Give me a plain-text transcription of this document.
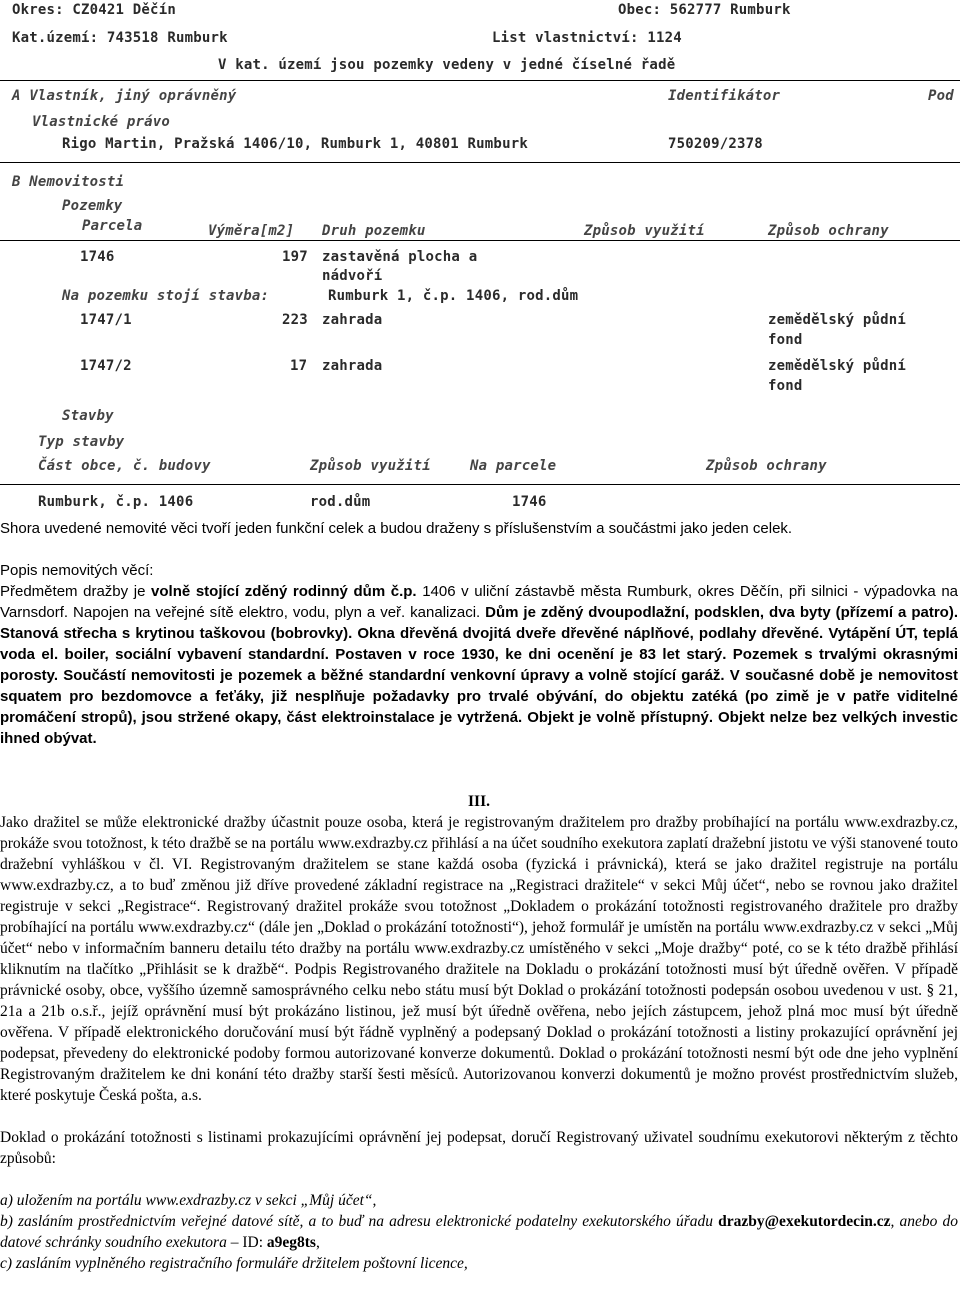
Okres: CZ0421 Děčín	Obec: 562777 Rumburk
Kat.území: 743518 Rumburk	List vlastnictví: 1124
V kat. území jsou pozemky vedeny v jedné číselné řadě
A Vlastník, jiný oprávněný	Identifikátor	Pod
Vlastnické právo
Rigo Martin, Pražská 1406/10, Rumburk 1, 40801 Rumburk	750209/2378
B Nemovitosti
Pozemky
Parcela	Výměra[m2] Druh pozemku	Způsob využití	Způsob ochrany
1746	197 zastavěná plocha a
nádvoří
Na pozemku stojí stavba:	Rumburk 1, č.p. 1406, rod.dům
1747/1	223 zahrada	zemědělský půdní
fond
1747/2	17 zahrada	zemědělský půdní
fond
Stavby
Typ stavby
Část obce, č. budovy	Způsob využití	Na parcele	Způsob ochrany
Rumburk, č.p. 1406	rod.dům	1746

Shora uvedené nemovité věci tvoří jeden funkční celek a budou draženy s příslušenstvím a součástmi jako jeden celek.

Popis nemovitých věcí:

Předmětem dražby je volně stojící zděný rodinný dům č.p. 1406 v uliční zástavbě města Rumburk, okres Děčín, při silnici - výpadovka na Varnsdorf. Napojen na veřejné sítě elektro, vodu, plyn a veř. kanalizaci. Dům je zděný dvoupodlažní, podsklen, dva byty (přízemí a patro). Stanová střecha s krytinou taškovou (bobrovky). Okna dřevěná dvojitá dveře dřevěné náplňové, podlahy dřevěné. Vytápění ÚT, teplá voda el. boiler, sociální vybavení standardní. Postaven v roce 1930, ke dni ocenění je 83 let starý. Pozemek s trvalými okrasnými porosty. Součástí nemovitosti je pozemek a běžné standardní venkovní úpravy a volně stojící garáž. V současné době je nemovitost squatem pro bezdomovce a feťáky, již nesplňuje požadavky pro trvalé obývání, do objektu zatéká (po zimě je v patře viditelné promáčení stropů), jsou stržené okapy, část elektroinstalace je vytržená. Objekt je volně přístupný. Objekt nelze bez velkých investic ihned obývat.

III.

Jako dražitel se může elektronické dražby účastnit pouze osoba, která je registrovaným dražitelem pro dražby probíhající na portálu www.exdrazby.cz, prokáže svou totožnost, k této dražbě se na portálu www.exdrazby.cz přihlásí a na účet soudního exekutora zaplatí dražební jistotu ve výši stanovené touto dražební vyhláškou v čl. VI. Registrovaným dražitelem se stane každá osoba (fyzická i právnická), která se jako dražitel registruje na portálu www.exdrazby.cz, a to buď změnou již dříve provedené základní registrace na „Registraci dražitele“ v sekci Můj účet“, nebo se rovnou jako dražitel registruje v sekci „Registrace“. Registrovaný dražitel prokáže svou totožnost „Dokladem o prokázání totožnosti registrovaného dražitele pro dražby probíhající na portálu www.exdrazby.cz“ (dále jen „Doklad o prokázání totožnosti“), jehož formulář je umístěn na portálu www.exdrazby.cz v sekci „Můj účet“ nebo v informačním banneru detailu této dražby na portálu www.exdrazby.cz umístěného v sekci „Moje dražby“ poté, co se k této dražbě přihlásí kliknutím na tlačítko „Přihlásit se k dražbě“. Podpis Registrovaného dražitele na Dokladu o prokázání totožnosti musí být úředně ověřen. V případě právnické osoby, obce, vyššího územně samosprávného celku nebo státu musí být Doklad o prokázání totožnosti podepsán osobou uvedenou v ust. § 21, 21a a 21b o.s.ř., jejíž oprávnění musí být prokázáno listinou, jež musí být úředně ověřena, nebo jejích zástupcem, jehož plná moc musí být úředně ověřena. V případě elektronického doručování musí být řádně vyplněný a podepsaný Doklad o prokázání totožnosti a listiny prokazující oprávnění jej podepsat, převedeny do elektronické podoby formou autorizované konverze dokumentů. Doklad o prokázání totožnosti nesmí být ode dne jeho vyplnění Registrovaným dražitelem ke dni konání této dražby starší šesti měsíců. Autorizovanou konverzi dokumentů je možno provést prostřednictvím služeb, které poskytuje Česká pošta, a.s.

Doklad o prokázání totožnosti s listinami prokazujícími oprávnění jej podepsat, doručí Registrovaný uživatel soudnímu exekutorovi některým z těchto způsobů:

a) uložením na portálu www.exdrazby.cz v sekci „Můj účet“,

b) zasláním prostřednictvím veřejné datové sítě, a to buď na adresu elektronické podatelny exekutorského úřadu drazby@exekutordecin.cz, anebo do datové schránky soudního exekutora – ID: a9eg8ts,

c) zasláním vyplněného registračního formuláře držitelem poštovní licence,
